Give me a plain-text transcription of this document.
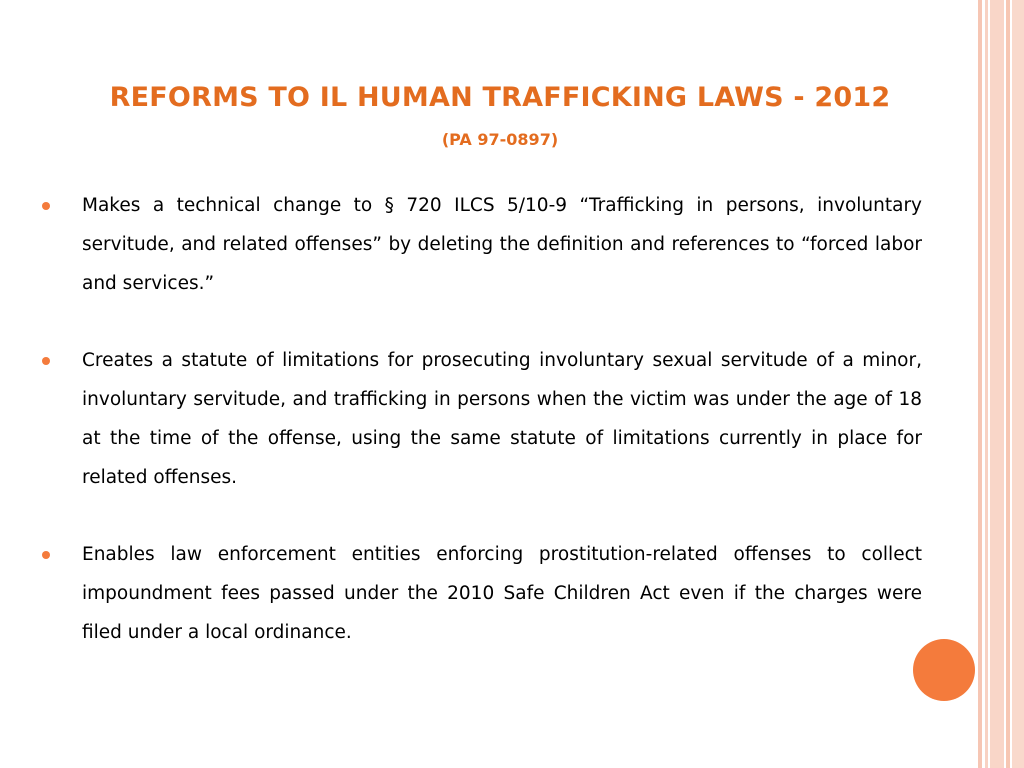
REFORMS TO IL HUMAN TRAFFICKING LAWS - 2012
(PA 97-0897)
Makes a technical change to § 720 ILCS 5/10-9 “Trafficking in persons, involuntary servitude, and related offenses” by deleting the definition and references to “forced labor and services.”
Creates a statute of limitations for prosecuting involuntary sexual servitude of a minor, involuntary servitude, and trafficking in persons when the victim was under the age of 18 at the time of the offense, using the same statute of limitations currently in place for related offenses.
Enables law enforcement entities enforcing prostitution-related offenses to collect impoundment fees passed under the 2010 Safe Children Act even if the charges were filed under a local ordinance.
